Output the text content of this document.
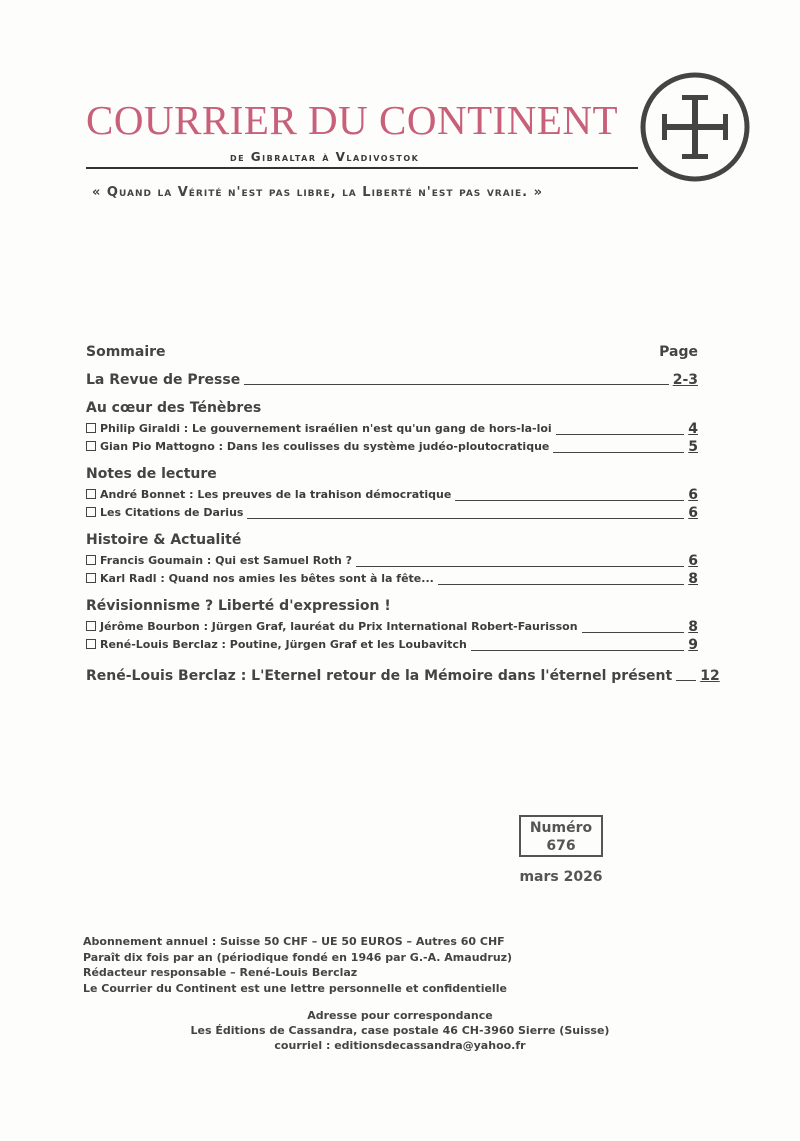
COURRIER DU CONTINENT
de Gibraltar à Vladivostok
« Quand la Vérité n'est pas libre, la Liberté n'est pas vraie. »
Sommaire	Page
La Revue de Presse	2-3
Au cœur des Ténèbres
Philip Giraldi : Le gouvernement israélien n'est qu'un gang de hors-la-loi	4
Gian Pio Mattogno : Dans les coulisses du système judéo-ploutocratique	5
Notes de lecture
André Bonnet : Les preuves de la trahison démocratique	6
Les Citations de Darius	6
Histoire & Actualité
Francis Goumain : Qui est Samuel Roth ?	6
Karl Radl : Quand nos amies les bêtes sont à la fête...	8
Révisionnisme ? Liberté d'expression !
Jérôme Bourbon : Jürgen Graf, lauréat du Prix International Robert-Faurisson	8
René-Louis Berclaz : Poutine, Jürgen Graf et les Loubavitch	9
René-Louis Berclaz : L'Eternel retour de la Mémoire dans l'éternel présent 12
Numéro
676
mars 2026
Abonnement annuel : Suisse 50 CHF – UE 50 EUROS – Autres 60 CHF
Paraît dix fois par an (périodique fondé en 1946 par G.-A. Amaudruz)
Rédacteur responsable – René-Louis Berclaz
Le Courrier du Continent est une lettre personnelle et confidentielle
Adresse pour correspondance
Les Éditions de Cassandra, case postale 46 CH-3960 Sierre (Suisse)
courriel : editionsdecassandra@yahoo.fr
